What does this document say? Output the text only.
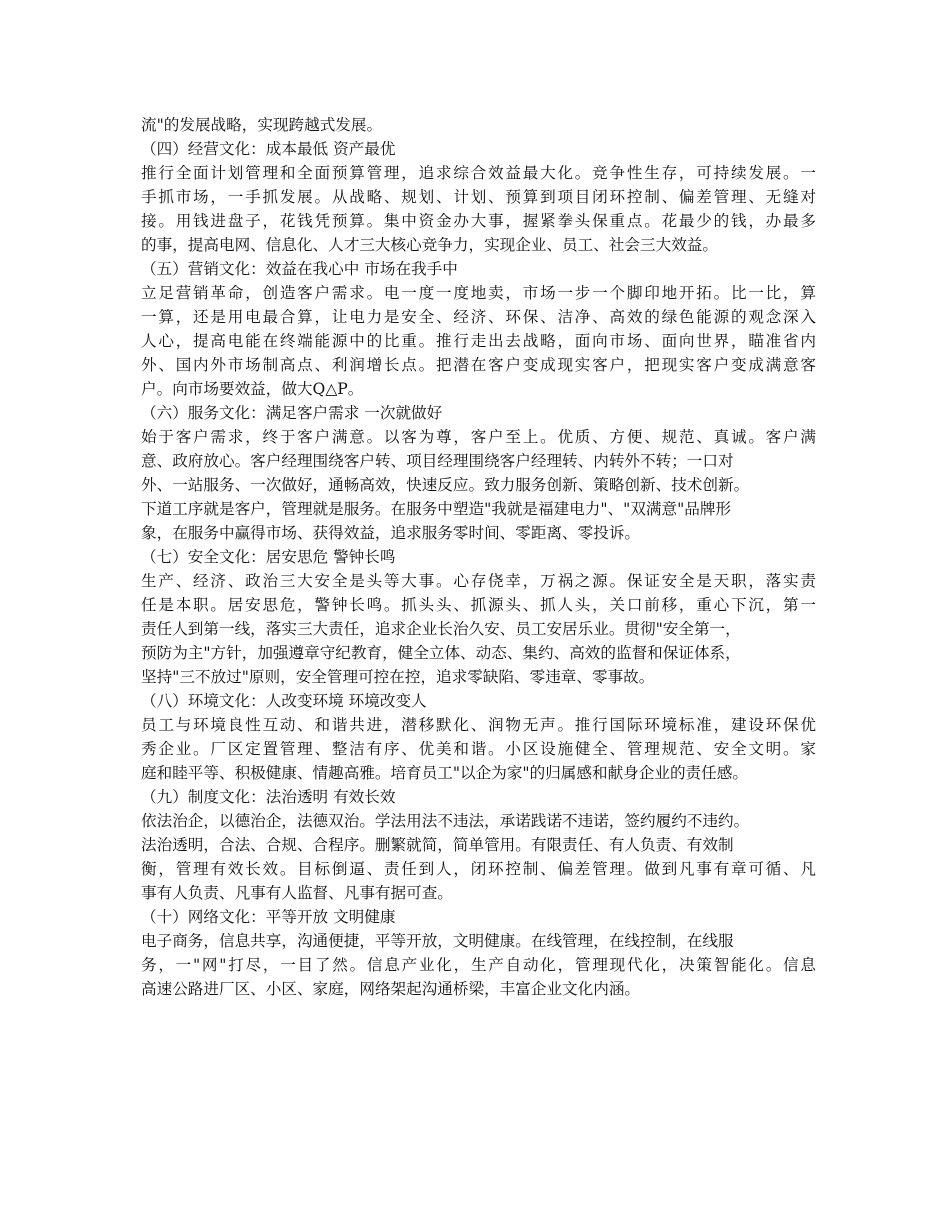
流"的发展战略，实现跨越式发展。
（四）经营文化：成本最低 资产最优
推行全面计划管理和全面预算管理，追求综合效益最大化。竞争性生存，可持续发展。一
手抓市场，一手抓发展。从战略、规划、计划、预算到项目闭环控制、偏差管理、无缝对
接。用钱进盘子，花钱凭预算。集中资金办大事，握紧拳头保重点。花最少的钱，办最多
的事，提高电网、信息化、人才三大核心竞争力，实现企业、员工、社会三大效益。
（五）营销文化：效益在我心中 市场在我手中
立足营销革命，创造客户需求。电一度一度地卖，市场一步一个脚印地开拓。比一比，算
一算，还是用电最合算，让电力是安全、经济、环保、洁净、高效的绿色能源的观念深入
人心，提高电能在终端能源中的比重。推行走出去战略，面向市场、面向世界，瞄准省内
外、国内外市场制高点、利润增长点。把潜在客户变成现实客户，把现实客户变成满意客
户。向市场要效益，做大Q△P。
（六）服务文化：满足客户需求 一次就做好
始于客户需求，终于客户满意。以客为尊，客户至上。优质、方便、规范、真诚。客户满
意、政府放心。客户经理围绕客户转、项目经理围绕客户经理转、内转外不转；一口对
外、一站服务、一次做好，通畅高效，快速反应。致力服务创新、策略创新、技术创新。
下道工序就是客户，管理就是服务。在服务中塑造"我就是福建电力"、"双满意"品牌形
象，在服务中赢得市场、获得效益，追求服务零时间、零距离、零投诉。
（七）安全文化：居安思危 警钟长鸣
生产、经济、政治三大安全是头等大事。心存侥幸，万祸之源。保证安全是天职，落实责
任是本职。居安思危，警钟长鸣。抓头头、抓源头、抓人头，关口前移，重心下沉，第一
责任人到第一线，落实三大责任，追求企业长治久安、员工安居乐业。贯彻"安全第一，
预防为主"方针，加强遵章守纪教育，健全立体、动态、集约、高效的监督和保证体系，
坚持"三不放过"原则，安全管理可控在控，追求零缺陷、零违章、零事故。
（八）环境文化：人改变环境 环境改变人
员工与环境良性互动、和谐共进，潜移默化、润物无声。推行国际环境标准，建设环保优
秀企业。厂区定置管理、整洁有序、优美和谐。小区设施健全、管理规范、安全文明。家
庭和睦平等、积极健康、情趣高雅。培育员工"以企为家"的归属感和献身企业的责任感。
（九）制度文化：法治透明 有效长效
依法治企，以德治企，法德双治。学法用法不违法，承诺践诺不违诺，签约履约不违约。
法治透明，合法、合规、合程序。删繁就简，简单管用。有限责任、有人负责、有效制
衡，管理有效长效。目标倒逼、责任到人，闭环控制、偏差管理。做到凡事有章可循、凡
事有人负责、凡事有人监督、凡事有据可查。
（十）网络文化：平等开放 文明健康
电子商务，信息共享，沟通便捷，平等开放，文明健康。在线管理，在线控制，在线服
务，一"网"打尽，一目了然。信息产业化，生产自动化，管理现代化，决策智能化。信息
高速公路进厂区、小区、家庭，网络架起沟通桥梁，丰富企业文化内涵。
